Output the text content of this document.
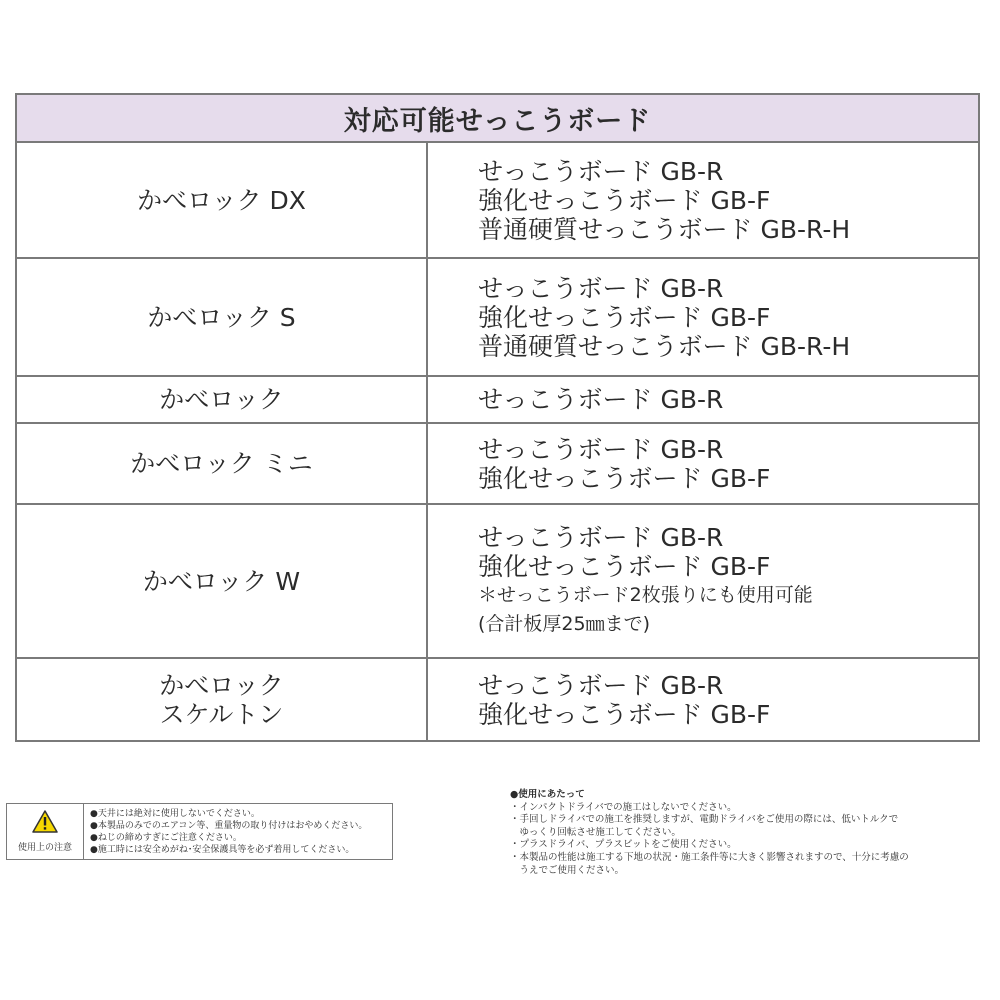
対応可能せっこうボード	

かべロック DX	せっこうボード GB-R
強化せっこうボード GB-F
普通硬質せっこうボード GB-R-H

かべロック S	せっこうボード GB-R
強化せっこうボード GB-F
普通硬質せっこうボード GB-R-H

かべロック	せっこうボード GB-R

かべロック ミニ	せっこうボード GB-R
強化せっこうボード GB-F

かべロック W	せっこうボード GB-R
強化せっこうボード GB-F
＊せっこうボード2枚張りにも使用可能
(合計板厚25㎜まで)

かべロック
スケルトン	せっこうボード GB-R
強化せっこうボード GB-F
使用上の注意
●天井には絶対に使用しないでください。
●本製品のみでのエアコン等、重量物の取り付けはおやめください。
●ねじの締めすぎにご注意ください。
●施工時には安全めがね･安全保護具等を必ず着用してください。
●使用にあたって
・インパクトドライバでの施工はしないでください。
・手回しドライバでの施工を推奨しますが、電動ドライバをご使用の際には、低いトルクで
　ゆっくり回転させ施工してください。
・プラスドライバ、プラスビットをご使用ください。
・本製品の性能は施工する下地の状況・施工条件等に大きく影響されますので、十分に考慮の
　うえでご使用ください。
